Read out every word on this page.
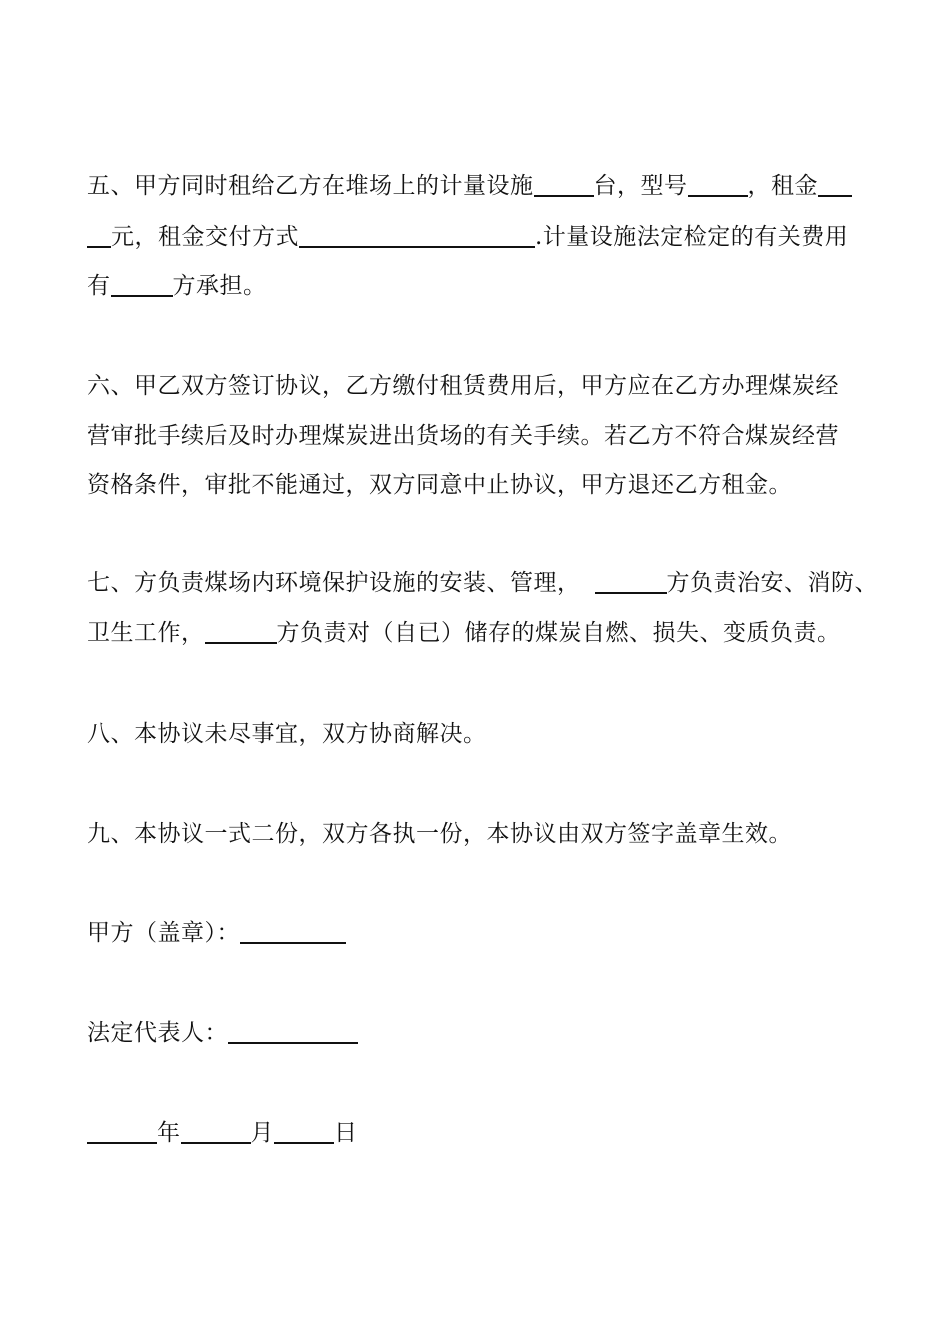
五、甲方同时租给乙方在堆场上的计量设施	台，型号	，租金
元，租金交付方式	.计量设施法定检定的有关费用
有	方承担。
六、甲乙双方签订协议，乙方缴付租赁费用后，甲方应在乙方办理煤炭经
营审批手续后及时办理煤炭进出货场的有关手续。若乙方不符合煤炭经营
资格条件，审批不能通过，双方同意中止协议，甲方退还乙方租金。
七、方负责煤场内环境保护设施的安装、管理，	方负责治安、消防、
卫生工作，	方负责对（自已）储存的煤炭自燃、损失、变质负责。
八、本协议未尽事宜，双方协商解决。
九、本协议一式二份，双方各执一份，本协议由双方签字盖章生效。
甲方（盖章）：
法定代表人：
年	月	日
